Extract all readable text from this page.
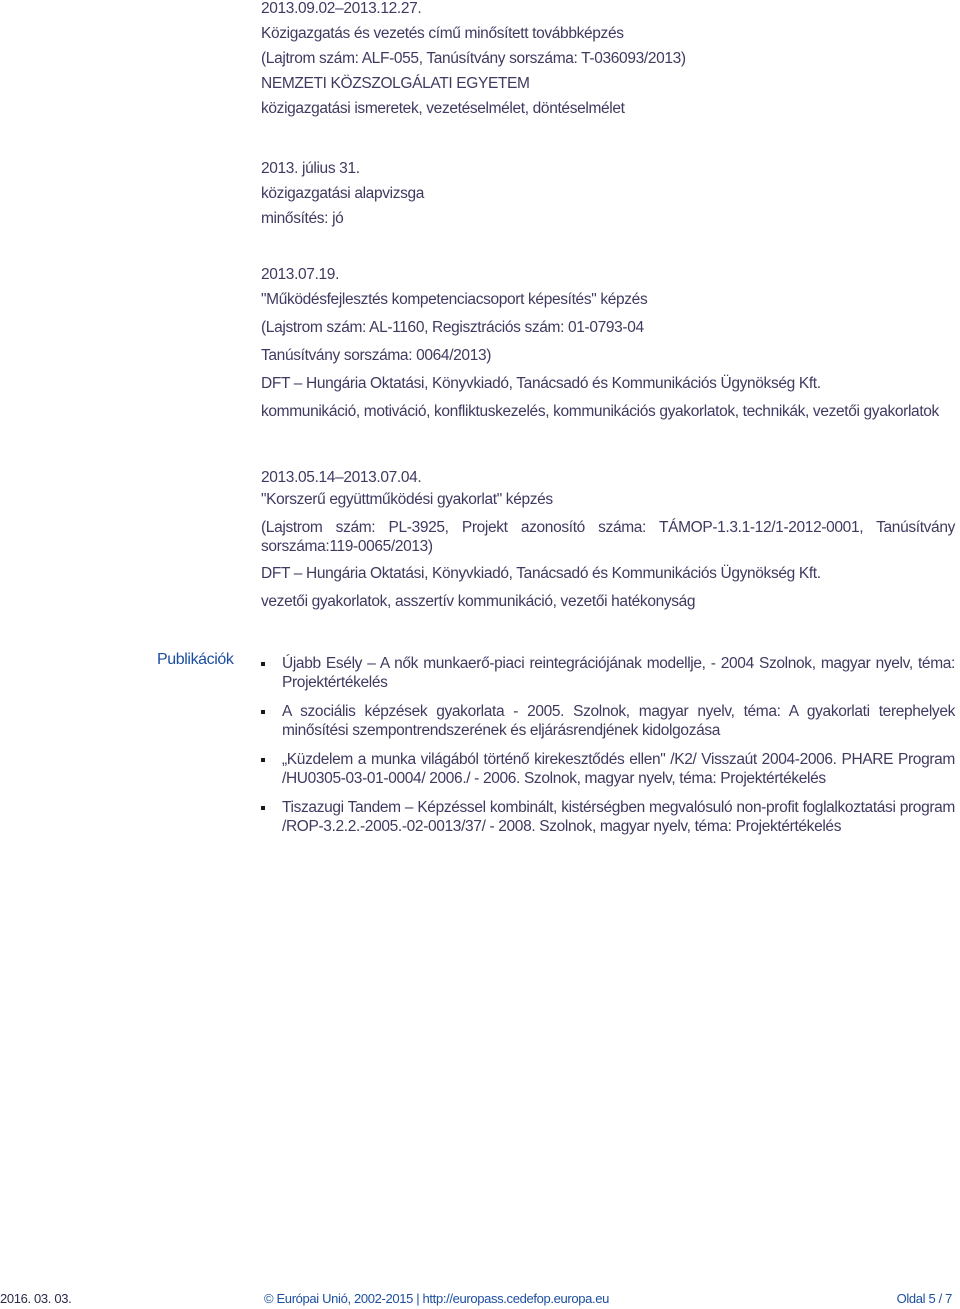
2013.09.02–2013.12.27.
Közigazgatás és vezetés című minősített továbbképzés
(Lajtrom szám: ALF-055, Tanúsítvány sorszáma: T-036093/2013)
NEMZETI KÖZSZOLGÁLATI EGYETEM
közigazgatási ismeretek, vezetéselmélet, döntéselmélet
2013. július 31.
közigazgatási alapvizsga
minősítés: jó
2013.07.19.
"Működésfejlesztés kompetenciacsoport képesítés" képzés
(Lajstrom szám: AL-1160, Regisztrációs szám: 01-0793-04
Tanúsítvány sorszáma: 0064/2013)
DFT – Hungária Oktatási, Könyvkiadó, Tanácsadó és Kommunikációs Ügynökség Kft.
kommunikáció, motiváció, konfliktuskezelés, kommunikációs gyakorlatok, technikák, vezetői gyakorlatok
2013.05.14–2013.07.04.
"Korszerű együttműködési gyakorlat" képzés
(Lajstrom szám: PL-3925, Projekt azonosító száma: TÁMOP-1.3.1-12/1-2012-0001, Tanúsítvány sorszáma:119-0065/2013)
DFT – Hungária Oktatási, Könyvkiadó, Tanácsadó és Kommunikációs Ügynökség Kft.
vezetői gyakorlatok, asszertív kommunikáció, vezetői hatékonyság
Publikációk	Újabb Esély – A nők munkaerő-piaci reintegrációjának modellje, - 2004 Szolnok, magyar nyelv, téma: Projektértékelés
A szociális képzések gyakorlata - 2005. Szolnok, magyar nyelv, téma: A gyakorlati terephelyek minősítési szempontrendszerének és eljárásrendjének kidolgozása
„Küzdelem a munka világából történő kirekesztődés ellen" /K2/ Visszaút 2004-2006. PHARE Program /HU0305-03-01-0004/ 2006./ - 2006. Szolnok, magyar nyelv, téma: Projektértékelés
Tiszazugi Tandem – Képzéssel kombinált, kistérségben megvalósuló non-profit foglalkoztatási program /ROP-3.2.2.-2005.-02-0013/37/ - 2008. Szolnok, magyar nyelv, téma: Projektértékelés
2016. 03. 03.	© Európai Unió, 2002-2015 | http://europass.cedefop.europa.eu	Oldal 5 / 7
